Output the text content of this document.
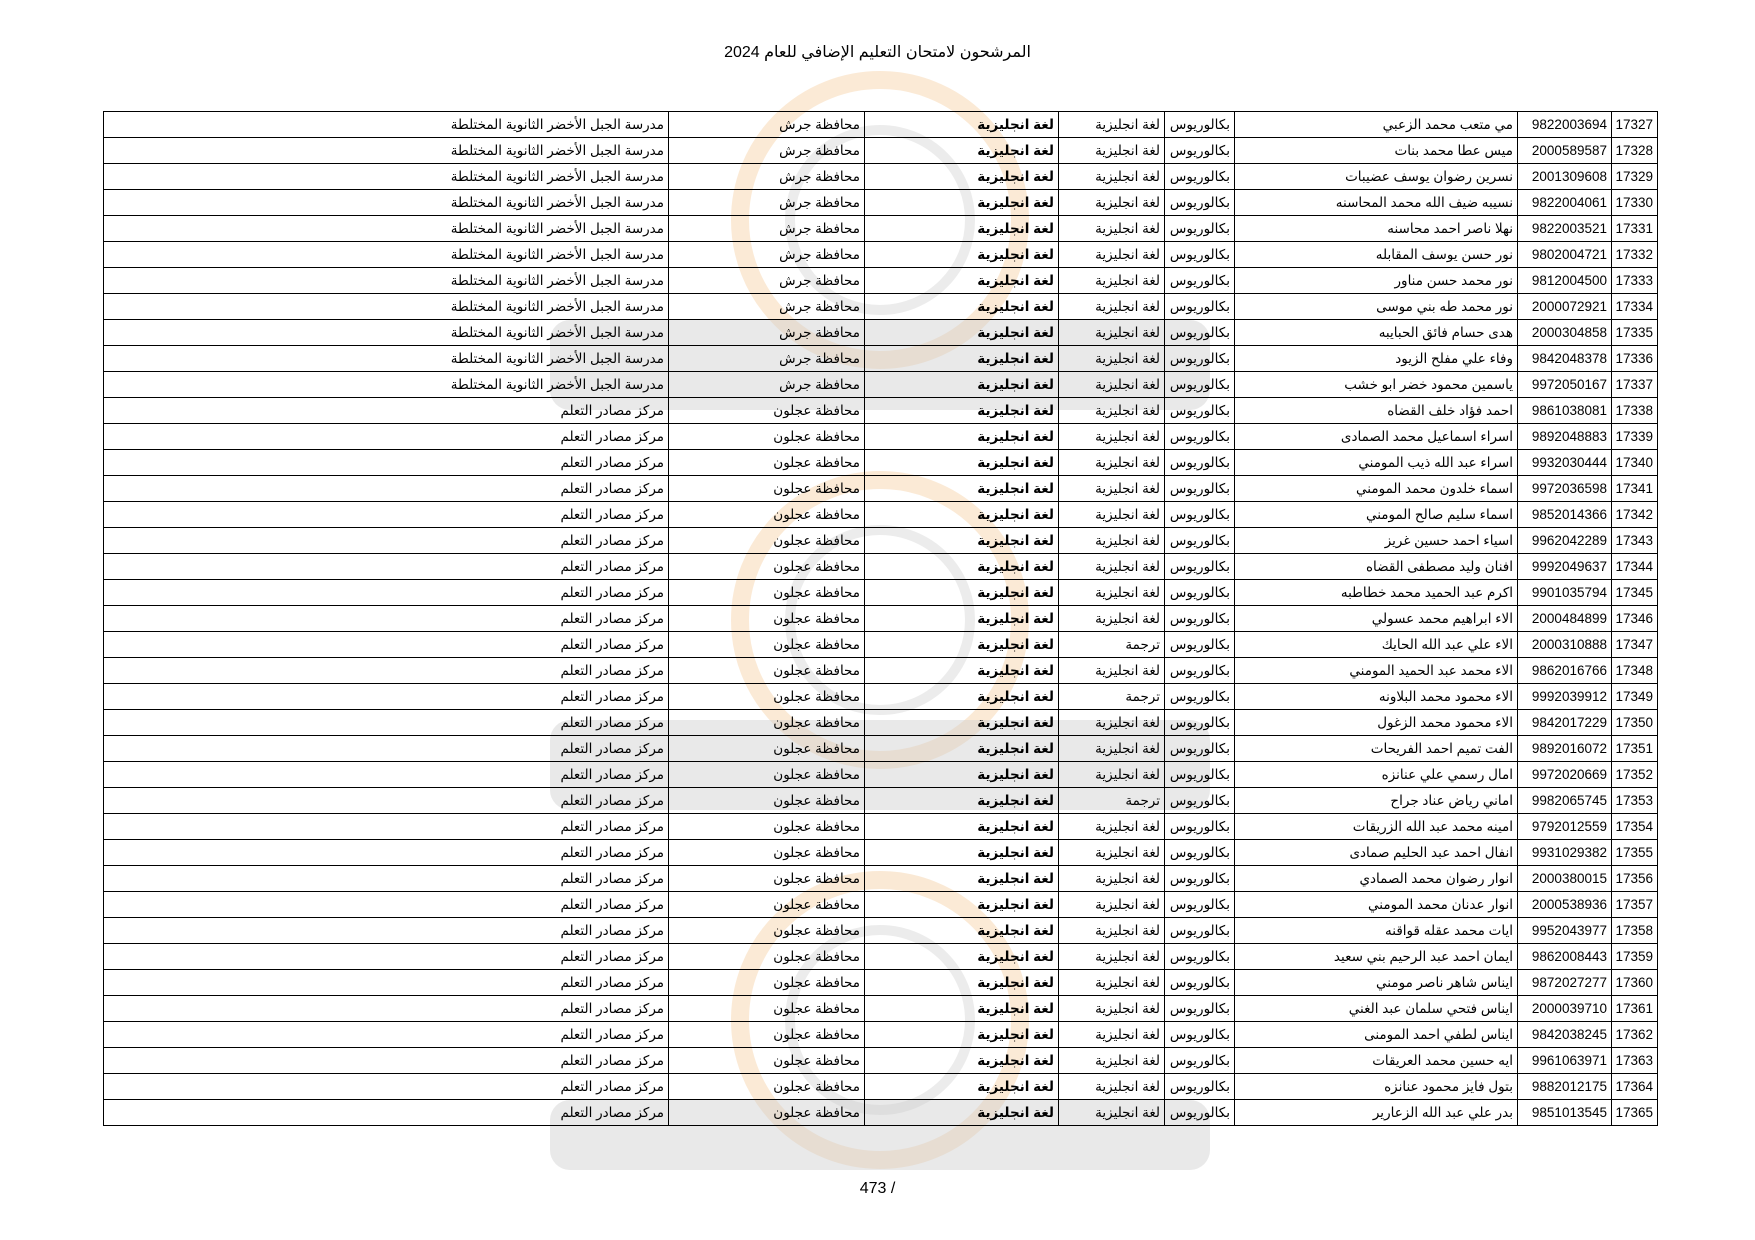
المرشحون لامتحان التعليم الإضافي للعام 2024
17327	9822003694	مي متعب محمد الزعبي	بكالوريوس	لغة انجليزية	لغة انجليزية	محافظة جرش	مدرسة الجبل الأخضر الثانوية المختلطة
17328	2000589587	ميس عطا محمد بنات	بكالوريوس	لغة انجليزية	لغة انجليزية	محافظة جرش	مدرسة الجبل الأخضر الثانوية المختلطة
17329	2001309608	نسرين رضوان يوسف عضيبات	بكالوريوس	لغة انجليزية	لغة انجليزية	محافظة جرش	مدرسة الجبل الأخضر الثانوية المختلطة
17330	9822004061	نسيبه ضيف الله محمد المحاسنه	بكالوريوس	لغة انجليزية	لغة انجليزية	محافظة جرش	مدرسة الجبل الأخضر الثانوية المختلطة
17331	9822003521	نهلا ناصر احمد محاسنه	بكالوريوس	لغة انجليزية	لغة انجليزية	محافظة جرش	مدرسة الجبل الأخضر الثانوية المختلطة
17332	9802004721	نور حسن يوسف المقابله	بكالوريوس	لغة انجليزية	لغة انجليزية	محافظة جرش	مدرسة الجبل الأخضر الثانوية المختلطة
17333	9812004500	نور محمد حسن مناور	بكالوريوس	لغة انجليزية	لغة انجليزية	محافظة جرش	مدرسة الجبل الأخضر الثانوية المختلطة
17334	2000072921	نور محمد طه بني موسى	بكالوريوس	لغة انجليزية	لغة انجليزية	محافظة جرش	مدرسة الجبل الأخضر الثانوية المختلطة
17335	2000304858	هدى حسام فائق الحبايبه	بكالوريوس	لغة انجليزية	لغة انجليزية	محافظة جرش	مدرسة الجبل الأخضر الثانوية المختلطة
17336	9842048378	وفاء علي مفلح الزيود	بكالوريوس	لغة انجليزية	لغة انجليزية	محافظة جرش	مدرسة الجبل الأخضر الثانوية المختلطة
17337	9972050167	ياسمين محمود خضر ابو خشب	بكالوريوس	لغة انجليزية	لغة انجليزية	محافظة جرش	مدرسة الجبل الأخضر الثانوية المختلطة
17338	9861038081	احمد فؤاد خلف القضاه	بكالوريوس	لغة انجليزية	لغة انجليزية	محافظة عجلون	مركز مصادر التعلم
17339	9892048883	اسراء اسماعيل محمد الصمادى	بكالوريوس	لغة انجليزية	لغة انجليزية	محافظة عجلون	مركز مصادر التعلم
17340	9932030444	اسراء عبد الله ذيب المومني	بكالوريوس	لغة انجليزية	لغة انجليزية	محافظة عجلون	مركز مصادر التعلم
17341	9972036598	اسماء خلدون محمد المومني	بكالوريوس	لغة انجليزية	لغة انجليزية	محافظة عجلون	مركز مصادر التعلم
17342	9852014366	اسماء سليم صالح المومني	بكالوريوس	لغة انجليزية	لغة انجليزية	محافظة عجلون	مركز مصادر التعلم
17343	9962042289	اسياء احمد حسين غريز	بكالوريوس	لغة انجليزية	لغة انجليزية	محافظة عجلون	مركز مصادر التعلم
17344	9992049637	افنان وليد مصطفى القضاه	بكالوريوس	لغة انجليزية	لغة انجليزية	محافظة عجلون	مركز مصادر التعلم
17345	9901035794	اكرم عبد الحميد محمد خطاطبه	بكالوريوس	لغة انجليزية	لغة انجليزية	محافظة عجلون	مركز مصادر التعلم
17346	2000484899	الاء ابراهيم محمد عسولي	بكالوريوس	لغة انجليزية	لغة انجليزية	محافظة عجلون	مركز مصادر التعلم
17347	2000310888	الاء علي عبد الله الحايك	بكالوريوس	ترجمة	لغة انجليزية	محافظة عجلون	مركز مصادر التعلم
17348	9862016766	الاء محمد عبد الحميد المومني	بكالوريوس	لغة انجليزية	لغة انجليزية	محافظة عجلون	مركز مصادر التعلم
17349	9992039912	الاء محمود محمد البلاونه	بكالوريوس	ترجمة	لغة انجليزية	محافظة عجلون	مركز مصادر التعلم
17350	9842017229	الاء محمود محمد الزغول	بكالوريوس	لغة انجليزية	لغة انجليزية	محافظة عجلون	مركز مصادر التعلم
17351	9892016072	الفت تميم احمد الفريحات	بكالوريوس	لغة انجليزية	لغة انجليزية	محافظة عجلون	مركز مصادر التعلم
17352	9972020669	امال رسمي علي عنانزه	بكالوريوس	لغة انجليزية	لغة انجليزية	محافظة عجلون	مركز مصادر التعلم
17353	9982065745	اماني رياض عناد جراح	بكالوريوس	ترجمة	لغة انجليزية	محافظة عجلون	مركز مصادر التعلم
17354	9792012559	امينه محمد عبد الله الزريقات	بكالوريوس	لغة انجليزية	لغة انجليزية	محافظة عجلون	مركز مصادر التعلم
17355	9931029382	انفال احمد عبد الحليم صمادى	بكالوريوس	لغة انجليزية	لغة انجليزية	محافظة عجلون	مركز مصادر التعلم
17356	2000380015	انوار رضوان محمد الصمادي	بكالوريوس	لغة انجليزية	لغة انجليزية	محافظة عجلون	مركز مصادر التعلم
17357	2000538936	انوار عدنان محمد المومني	بكالوريوس	لغة انجليزية	لغة انجليزية	محافظة عجلون	مركز مصادر التعلم
17358	9952043977	ايات محمد عقله قواقنه	بكالوريوس	لغة انجليزية	لغة انجليزية	محافظة عجلون	مركز مصادر التعلم
17359	9862008443	ايمان احمد عبد الرحيم بني سعيد	بكالوريوس	لغة انجليزية	لغة انجليزية	محافظة عجلون	مركز مصادر التعلم
17360	9872027277	ايناس شاهر ناصر مومني	بكالوريوس	لغة انجليزية	لغة انجليزية	محافظة عجلون	مركز مصادر التعلم
17361	2000039710	ايناس فتحي سلمان عبد الغني	بكالوريوس	لغة انجليزية	لغة انجليزية	محافظة عجلون	مركز مصادر التعلم
17362	9842038245	ايناس لطفي احمد المومنى	بكالوريوس	لغة انجليزية	لغة انجليزية	محافظة عجلون	مركز مصادر التعلم
17363	9961063971	ايه حسين محمد العريقات	بكالوريوس	لغة انجليزية	لغة انجليزية	محافظة عجلون	مركز مصادر التعلم
17364	9882012175	بتول فايز محمود عنانزه	بكالوريوس	لغة انجليزية	لغة انجليزية	محافظة عجلون	مركز مصادر التعلم
17365	9851013545	بدر علي عبد الله الزعارير	بكالوريوس	لغة انجليزية	لغة انجليزية	محافظة عجلون	مركز مصادر التعلم
473 /
